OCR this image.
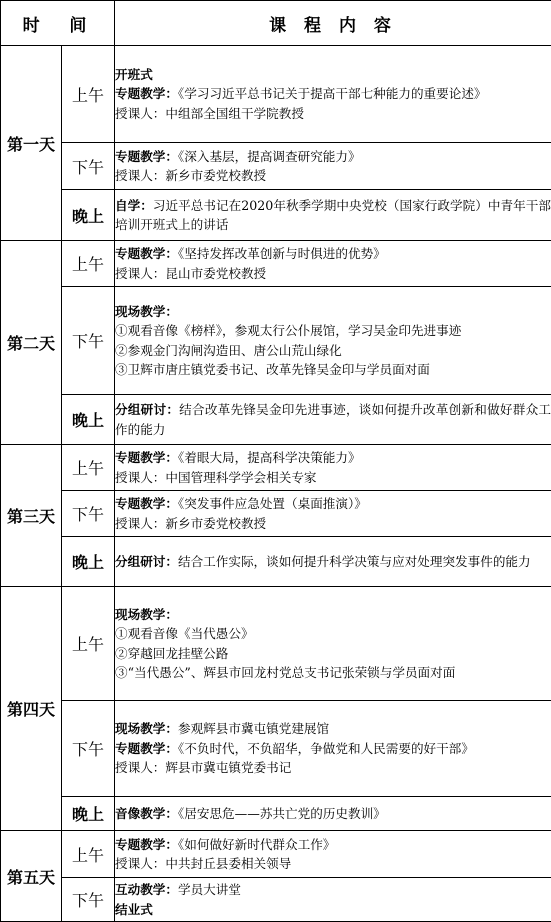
时  间		课 程 内 容
第一天	上午	开班式
专题教学：《学习习近平总书记关于提高干部七种能力的重要论述》
授课人：中组部全国组干学院教授

	下午	专题教学：《深入基层，提高调查研究能力》
授课人：新乡市委党校教授

	晚上	自学：习近平总书记在2020年秋季学期中央党校（国家行政学院）中青年干部培训开班式上的讲话

第二天	上午	专题教学：《坚持发挥改革创新与时俱进的优势》
授课人：昆山市委党校教授

	下午	现场教学：
①观看音像《榜样》，参观太行公仆展馆，学习吴金印先进事迹
②参观金门沟闸沟造田、唐公山荒山绿化
③卫辉市唐庄镇党委书记、改革先锋吴金印与学员面对面

	晚上	分组研讨：结合改革先锋吴金印先进事迹，谈如何提升改革创新和做好群众工作的能力

第三天	上午	专题教学：《着眼大局，提高科学决策能力》
授课人：中国管理科学学会相关专家

	下午	专题教学：《突发事件应急处置（桌面推演）》
授课人：新乡市委党校教授

	晚上	分组研讨：结合工作实际，谈如何提升科学决策与应对处理突发事件的能力

第四天	上午	现场教学：
①观看音像《当代愚公》
②穿越回龙挂壁公路
③“当代愚公”、辉县市回龙村党总支书记张荣锁与学员面对面

	下午	现场教学：参观辉县市冀屯镇党建展馆
专题教学：《不负时代，不负韶华，争做党和人民需要的好干部》
授课人：辉县市冀屯镇党委书记

	晚上	音像教学：《居安思危——苏共亡党的历史教训》

第五天	上午	专题教学：《如何做好新时代群众工作》
授课人：中共封丘县委相关领导

	下午	互动教学：学员大讲堂
结业式
